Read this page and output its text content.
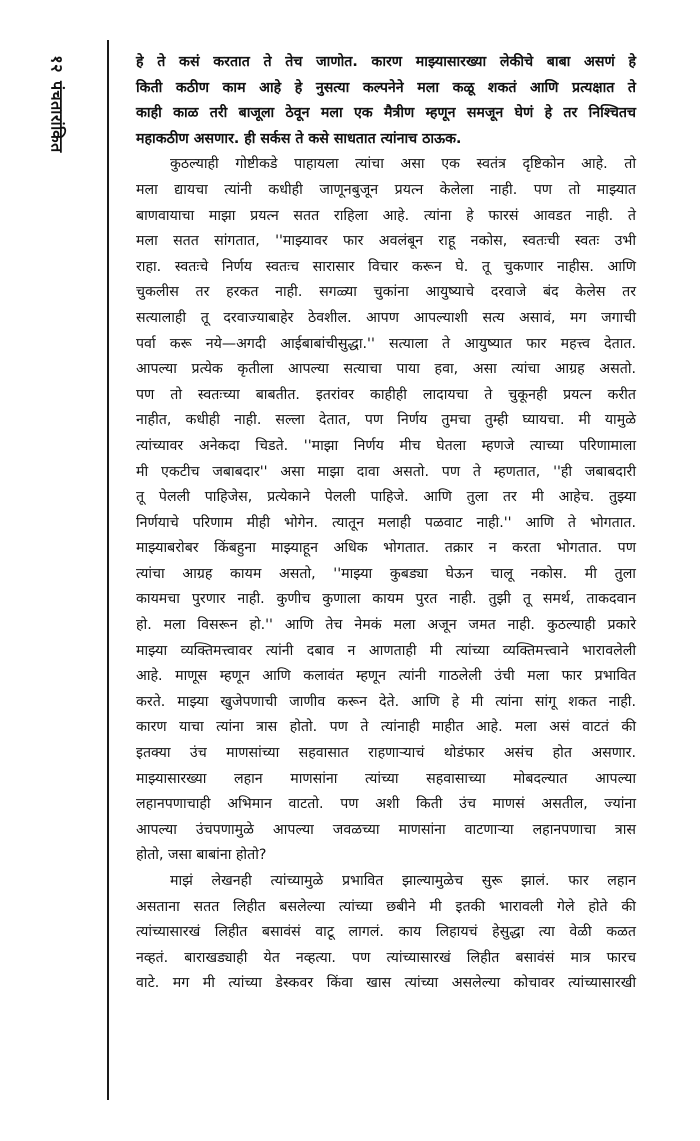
१२पंचतारांकित
हे ते कसं करतात ते तेच जाणोत. कारण माझ्यासारख्या लेकीचे बाबा असणं हे
किती कठीण काम आहे हे नुसत्या कल्पनेने मला कळू शकतं आणि प्रत्यक्षात ते
काही काळ तरी बाजूला ठेवून मला एक मैत्रीण म्हणून समजून घेणं हे तर निश्चितच
महाकठीण असणार. ही सर्कस ते कसे साधतात त्यांनाच ठाऊक.
कुठल्याही गोष्टीकडे पाहायला त्यांचा असा एक स्वतंत्र दृष्टिकोन आहे. तो
मला द्यायचा त्यांनी कधीही जाणूनबुजून प्रयत्न केलेला नाही. पण तो माझ्यात
बाणवायाचा माझा प्रयत्न सतत राहिला आहे. त्यांना हे फारसं आवडत नाही. ते
मला सतत सांगतात, ''माझ्यावर फार अवलंबून राहू नकोस, स्वतःची स्वतः उभी
राहा. स्वतःचे निर्णय स्वतःच सारासार विचार करून घे. तू चुकणार नाहीस. आणि
चुकलीस तर हरकत नाही. सगळ्या चुकांना आयुष्याचे दरवाजे बंद केलेस तर
सत्यालाही तू दरवाज्याबाहेर ठेवशील. आपण आपल्याशी सत्य असावं, मग जगाची
पर्वा करू नये—अगदी आईबाबांचीसुद्धा.'' सत्याला ते आयुष्यात फार महत्त्व देतात.
आपल्या प्रत्येक कृतीला आपल्या सत्याचा पाया हवा, असा त्यांचा आग्रह असतो.
पण तो स्वतःच्या बाबतीत. इतरांवर काहीही लादायचा ते चुकूनही प्रयत्न करीत
नाहीत, कधीही नाही. सल्ला देतात, पण निर्णय तुमचा तुम्ही घ्यायचा. मी यामुळे
त्यांच्यावर अनेकदा चिडते. ''माझा निर्णय मीच घेतला म्हणजे त्याच्या परिणामाला
मी एकटीच जबाबदार'' असा माझा दावा असतो. पण ते म्हणतात, ''ही जबाबदारी
तू पेलली पाहिजेस, प्रत्येकाने पेलली पाहिजे. आणि तुला तर मी आहेच. तुझ्या
निर्णयाचे परिणाम मीही भोगेन. त्यातून मलाही पळवाट नाही.'' आणि ते भोगतात.
माझ्याबरोबर किंबहुना माझ्याहून अधिक भोगतात. तक्रार न करता भोगतात. पण
त्यांचा आग्रह कायम असतो, ''माझ्या कुबड्या घेऊन चालू नकोस. मी तुला
कायमचा पुरणार नाही. कुणीच कुणाला कायम पुरत नाही. तुझी तू समर्थ, ताकदवान
हो. मला विसरून हो.'' आणि तेच नेमकं मला अजून जमत नाही. कुठल्याही प्रकारे
माझ्या व्यक्तिमत्त्वावर त्यांनी दबाव न आणताही मी त्यांच्या व्यक्तिमत्त्वाने भारावलेली
आहे. माणूस म्हणून आणि कलावंत म्हणून त्यांनी गाठलेली उंची मला फार प्रभावित
करते. माझ्या खुजेपणाची जाणीव करून देते. आणि हे मी त्यांना सांगू शकत नाही.
कारण याचा त्यांना त्रास होतो. पण ते त्यांनाही माहीत आहे. मला असं वाटतं की
इतक्या उंच माणसांच्या सहवासात राहणाऱ्याचं थोडंफार असंच होत असणार.
माझ्यासारख्या लहान माणसांना त्यांच्या सहवासाच्या मोबदल्यात आपल्या
लहानपणाचाही अभिमान वाटतो. पण अशी किती उंच माणसं असतील, ज्यांना
आपल्या उंचपणामुळे आपल्या जवळच्या माणसांना वाटणाऱ्या लहानपणाचा त्रास
होतो, जसा बाबांना होतो?
माझं लेखनही त्यांच्यामुळे प्रभावित झाल्यामुळेच सुरू झालं. फार लहान
असताना सतत लिहीत बसलेल्या त्यांच्या छबीने मी इतकी भारावली गेले होते की
त्यांच्यासारखं लिहीत बसावंसं वाटू लागलं. काय लिहायचं हेसुद्धा त्या वेळी कळत
नव्हतं. बाराखड्याही येत नव्हत्या. पण त्यांच्यासारखं लिहीत बसावंसं मात्र फारच
वाटे. मग मी त्यांच्या डेस्कवर किंवा खास त्यांच्या असलेल्या कोचावर त्यांच्यासारखी
